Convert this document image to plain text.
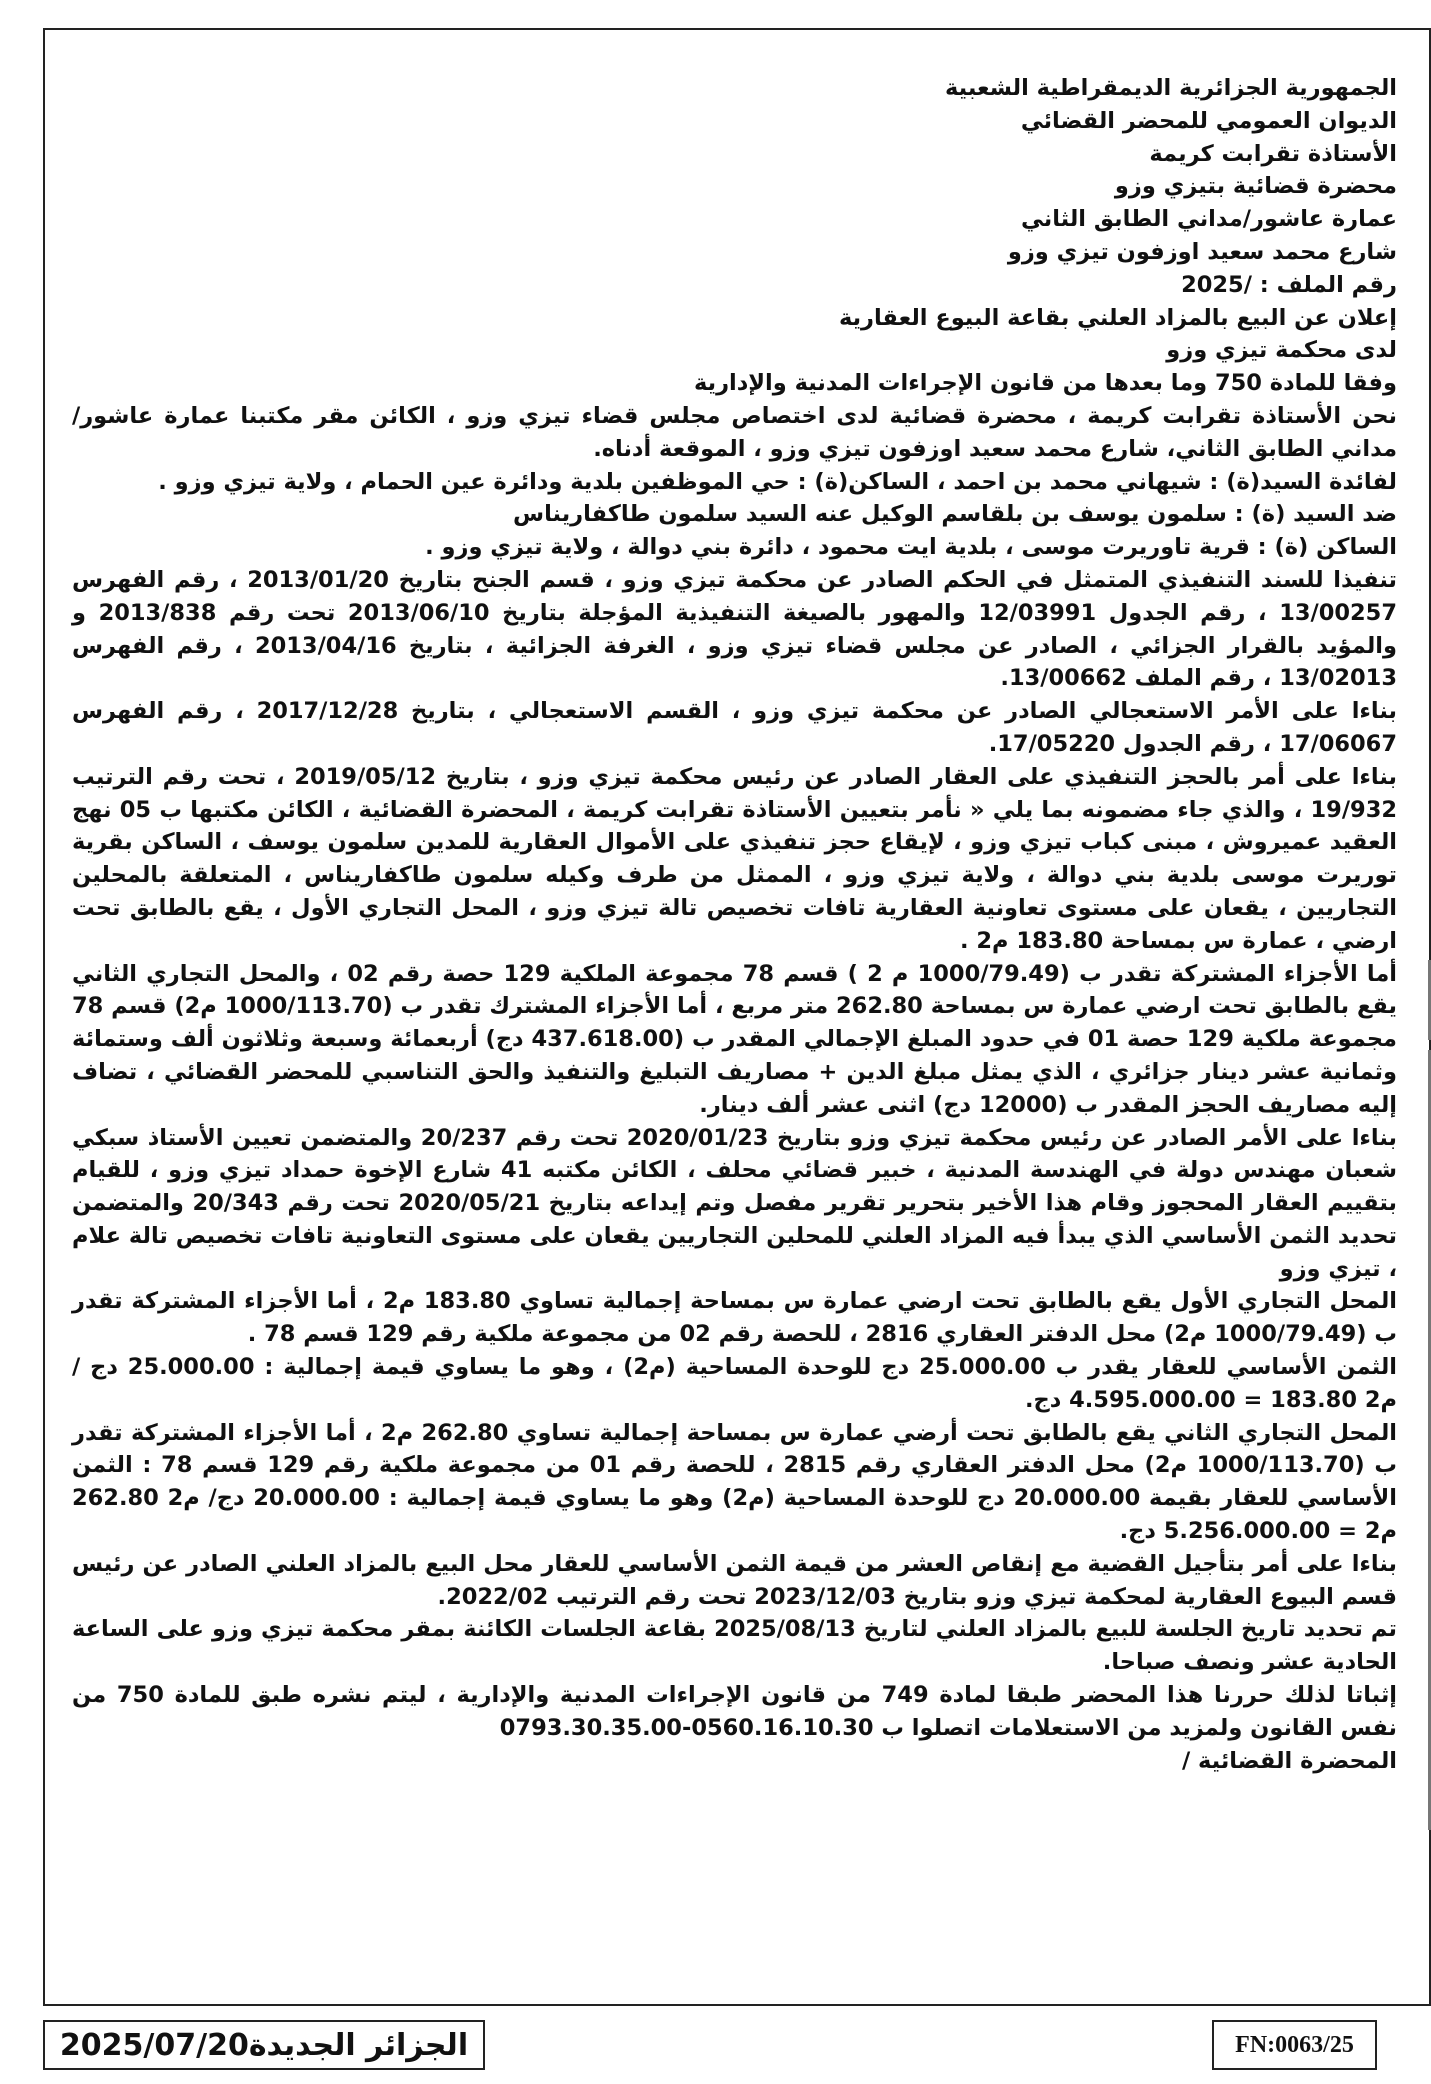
الجمهورية الجزائرية الديمقراطية الشعبية

الديوان العمومي للمحضر القضائي

الأستاذة تقرابت كريمة

محضرة قضائية بتيزي وزو

عمارة عاشور/مداني الطابق الثاني

شارع محمد سعيد اوزفون تيزي وزو

رقم الملف : /2025

إعلان عن البيع بالمزاد العلني بقاعة البيوع العقارية

لدى محكمة تيزي وزو

وفقا للمادة 750 وما بعدها من قانون الإجراءات المدنية والإدارية

نحن الأستاذة تقرابت كريمة ، محضرة قضائية لدى اختصاص مجلس قضاء تيزي وزو ، الكائن مقر مكتبنا عمارة عاشور/مداني الطابق الثاني، شارع محمد سعيد اوزفون تيزي وزو ، الموقعة أدناه.

لفائدة السيد(ة) : شيهاني محمد بن احمد ، الساكن(ة) : حي الموظفين بلدية ودائرة عين الحمام ، ولاية تيزي وزو .

ضد السيد (ة) : سلمون يوسف بن بلقاسم الوكيل عنه السيد سلمون طاكفاريناس

الساكن (ة) : قرية تاوريرت موسى ، بلدية ايت محمود ، دائرة بني دوالة ، ولاية تيزي وزو .

تنفيذا للسند التنفيذي المتمثل في الحكم الصادر عن محكمة تيزي وزو ، قسم الجنح بتاريخ 2013/01/20 ، رقم الفهرس 13/00257 ، رقم الجدول 12/03991 والمهور بالصيغة التنفيذية المؤجلة بتاريخ 2013/06/10 تحت رقم 2013/838 و والمؤيد بالقرار الجزائي ، الصادر عن مجلس قضاء تيزي وزو ، الغرفة الجزائية ، بتاريخ 2013/04/16 ، رقم الفهرس 13/02013 ، رقم الملف 13/00662.

بناءا على الأمر الاستعجالي الصادر عن محكمة تيزي وزو ، القسم الاستعجالي ، بتاريخ 2017/12/28 ، رقم الفهرس 17/06067 ، رقم الجدول 17/05220.

بناءا على أمر بالحجز التنفيذي على العقار الصادر عن رئيس محكمة تيزي وزو ، بتاريخ 2019/05/12 ، تحت رقم الترتيب 19/932 ، والذي جاء مضمونه بما يلي « نأمر بتعيين الأستاذة تقرابت كريمة ، المحضرة القضائية ، الكائن مكتبها ب 05 نهج العقيد عميروش ، مبنى كباب تيزي وزو ، لإيقاع حجز تنفيذي على الأموال العقارية للمدين سلمون يوسف ، الساكن بقرية توريرت موسى بلدية بني دوالة ، ولاية تيزي وزو ، الممثل من طرف وكيله سلمون طاكفاريناس ، المتعلقة بالمحلين التجاريين ، يقعان على مستوى تعاونية العقارية تافات تخصيص تالة تيزي وزو ، المحل التجاري الأول ، يقع بالطابق تحت ارضي ، عمارة س بمساحة 183.80 م2 .

أما الأجزاء المشتركة تقدر ب (1000/79.49 م 2 ) قسم 78 مجموعة الملكية 129 حصة رقم 02 ، والمحل التجاري الثاني يقع بالطابق تحت ارضي عمارة س بمساحة 262.80 متر مربع ، أما الأجزاء المشترك تقدر ب (1000/113.70 م2) قسم 78 مجموعة ملكية 129 حصة 01 في حدود المبلغ الإجمالي المقدر ب (437.618.00 دج) أربعمائة وسبعة وثلاثون ألف وستمائة وثمانية عشر دينار جزائري ، الذي يمثل مبلغ الدين + مصاريف التبليغ والتنفيذ والحق التناسبي للمحضر القضائي ، تضاف إليه مصاريف الحجز المقدر ب (12000 دج) اثنى عشر ألف دينار.

بناءا على الأمر الصادر عن رئيس محكمة تيزي وزو بتاريخ 2020/01/23 تحت رقم 20/237 والمتضمن تعيين الأستاذ سبكي شعبان مهندس دولة في الهندسة المدنية ، خبير قضائي محلف ، الكائن مكتبه 41 شارع الإخوة حمداد تيزي وزو ، للقيام بتقييم العقار المحجوز وقام هذا الأخير بتحرير تقرير مفصل وتم إيداعه بتاريخ 2020/05/21 تحت رقم 20/343 والمتضمن تحديد الثمن الأساسي الذي يبدأ فيه المزاد العلني للمحلين التجاريين يقعان على مستوى التعاونية تافات تخصيص تالة علام ، تيزي وزو

المحل التجاري الأول يقع بالطابق تحت ارضي عمارة س بمساحة إجمالية تساوي 183.80 م2 ، أما الأجزاء المشتركة تقدر ب (1000/79.49 م2) محل الدفتر العقاري 2816 ، للحصة رقم 02 من مجموعة ملكية رقم 129 قسم 78 .

الثمن الأساسي للعقار يقدر ب 25.000.00 دج للوحدة المساحية (م2) ، وهو ما يساوي قيمة إجمالية : 25.000.00 دج / م2 183.80 = 4.595.000.00 دج.

المحل التجاري الثاني يقع بالطابق تحت أرضي عمارة س بمساحة إجمالية تساوي 262.80 م2 ، أما الأجزاء المشتركة تقدر ب (1000/113.70 م2) محل الدفتر العقاري رقم 2815 ، للحصة رقم 01 من مجموعة ملكية رقم 129 قسم 78 : الثمن الأساسي للعقار بقيمة 20.000.00 دج للوحدة المساحية (م2) وهو ما يساوي قيمة إجمالية : 20.000.00 دج/ م2 262.80 م2 = 5.256.000.00 دج.

بناءا على أمر بتأجيل القضية مع إنقاص العشر من قيمة الثمن الأساسي للعقار محل البيع بالمزاد العلني الصادر عن رئيس قسم البيوع العقارية لمحكمة تيزي وزو بتاريخ 2023/12/03 تحت رقم الترتيب 2022/02.

تم تحديد تاريخ الجلسة للبيع بالمزاد العلني لتاريخ 2025/08/13 بقاعة الجلسات الكائنة بمقر محكمة تيزي وزو على الساعة الحادية عشر ونصف صباحا.

إثباتا لذلك حررنا هذا المحضر طبقا لمادة 749 من قانون الإجراءات المدنية والإدارية ، ليتم نشره طبق للمادة 750 من نفس القانون ولمزيد من الاستعلامات اتصلوا ب 0560.16.10.30-0793.30.35.00

المحضرة القضائية /

الجزائر الجديدة2025/07/20	FN:0063/25
